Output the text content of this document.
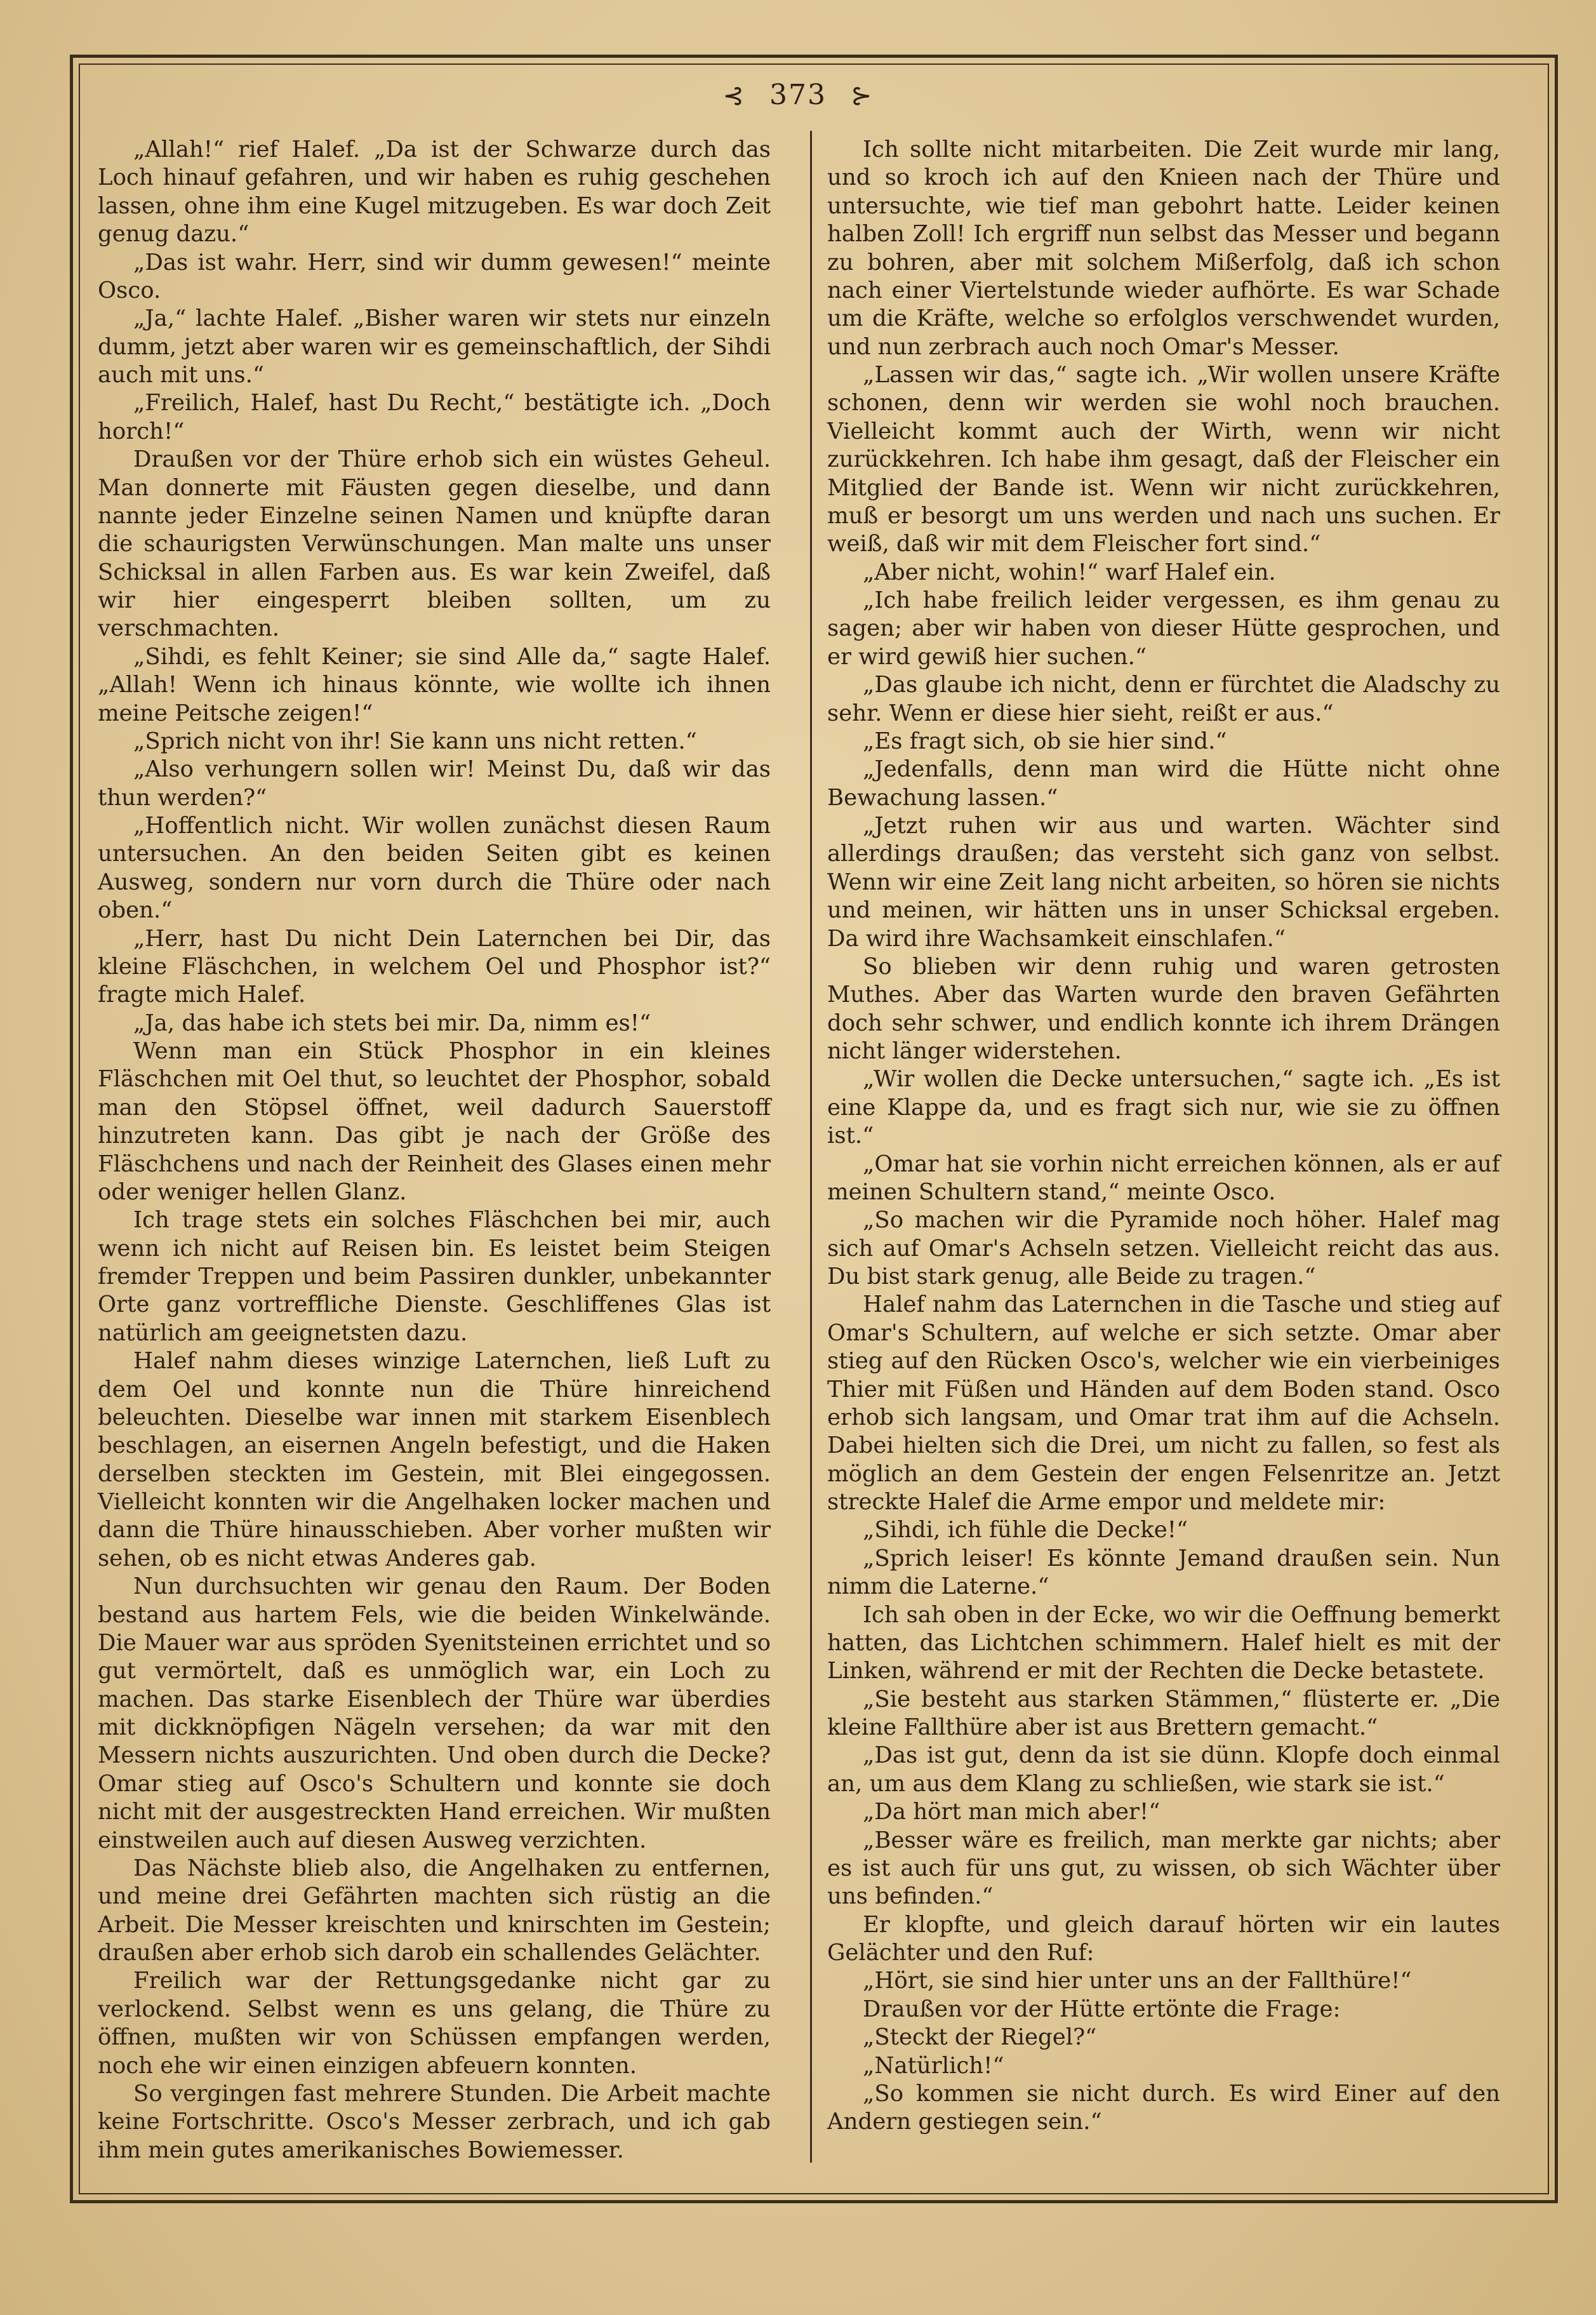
⊰ 373 ⊱

„Allah!“ rief Halef. „Da ist der Schwarze durch das Loch hinauf gefahren, und wir haben es ruhig geschehen lassen, ohne ihm eine Kugel mitzugeben. Es war doch Zeit genug dazu.“

„Das ist wahr. Herr, sind wir dumm gewesen!“ meinte Osco.

„Ja,“ lachte Halef. „Bisher waren wir stets nur einzeln dumm, jetzt aber waren wir es gemeinschaftlich, der Sihdi auch mit uns.“

„Freilich, Halef, hast Du Recht,“ bestätigte ich. „Doch horch!“

Draußen vor der Thüre erhob sich ein wüstes Geheul. Man donnerte mit Fäusten gegen dieselbe, und dann nannte jeder Einzelne seinen Namen und knüpfte daran die schaurigsten Verwünschungen. Man malte uns unser Schicksal in allen Farben aus. Es war kein Zweifel, daß wir hier eingesperrt bleiben sollten, um zu verschmachten.

„Sihdi, es fehlt Keiner; sie sind Alle da,“ sagte Halef. „Allah! Wenn ich hinaus könnte, wie wollte ich ihnen meine Peitsche zeigen!“

„Sprich nicht von ihr! Sie kann uns nicht retten.“

„Also verhungern sollen wir! Meinst Du, daß wir das thun werden?“

„Hoffentlich nicht. Wir wollen zunächst diesen Raum untersuchen. An den beiden Seiten gibt es keinen Ausweg, sondern nur vorn durch die Thüre oder nach oben.“

„Herr, hast Du nicht Dein Laternchen bei Dir, das kleine Fläschchen, in welchem Oel und Phosphor ist?“ fragte mich Halef.

„Ja, das habe ich stets bei mir. Da, nimm es!“

Wenn man ein Stück Phosphor in ein kleines Fläschchen mit Oel thut, so leuchtet der Phosphor, sobald man den Stöpsel öffnet, weil dadurch Sauerstoff hinzutreten kann. Das gibt je nach der Größe des Fläschchens und nach der Reinheit des Glases einen mehr oder weniger hellen Glanz.

Ich trage stets ein solches Fläschchen bei mir, auch wenn ich nicht auf Reisen bin. Es leistet beim Steigen fremder Treppen und beim Passiren dunkler, unbekannter Orte ganz vortreffliche Dienste. Geschliffenes Glas ist natürlich am geeignetsten dazu.

Halef nahm dieses winzige Laternchen, ließ Luft zu dem Oel und konnte nun die Thüre hinreichend beleuchten. Dieselbe war innen mit starkem Eisenblech beschlagen, an eisernen Angeln befestigt, und die Haken derselben steckten im Gestein, mit Blei eingegossen. Vielleicht konnten wir die Angelhaken locker machen und dann die Thüre hinausschieben. Aber vorher mußten wir sehen, ob es nicht etwas Anderes gab.

Nun durchsuchten wir genau den Raum. Der Boden bestand aus hartem Fels, wie die beiden Winkelwände. Die Mauer war aus spröden Syenitsteinen errichtet und so gut vermörtelt, daß es unmöglich war, ein Loch zu machen. Das starke Eisenblech der Thüre war überdies mit dickknöpfigen Nägeln versehen; da war mit den Messern nichts auszurichten. Und oben durch die Decke? Omar stieg auf Osco's Schultern und konnte sie doch nicht mit der ausgestreckten Hand erreichen. Wir mußten einstweilen auch auf diesen Ausweg verzichten.

Das Nächste blieb also, die Angelhaken zu entfernen, und meine drei Gefährten machten sich rüstig an die Arbeit. Die Messer kreischten und knirschten im Gestein; draußen aber erhob sich darob ein schallendes Gelächter.

Freilich war der Rettungsgedanke nicht gar zu verlockend. Selbst wenn es uns gelang, die Thüre zu öffnen, mußten wir von Schüssen empfangen werden, noch ehe wir einen einzigen abfeuern konnten.

So vergingen fast mehrere Stunden. Die Arbeit machte keine Fortschritte. Osco's Messer zerbrach, und ich gab ihm mein gutes amerikanisches Bowiemesser.

Ich sollte nicht mitarbeiten. Die Zeit wurde mir lang, und so kroch ich auf den Knieen nach der Thüre und untersuchte, wie tief man gebohrt hatte. Leider keinen halben Zoll! Ich ergriff nun selbst das Messer und begann zu bohren, aber mit solchem Mißerfolg, daß ich schon nach einer Viertelstunde wieder aufhörte. Es war Schade um die Kräfte, welche so erfolglos verschwendet wurden, und nun zerbrach auch noch Omar's Messer.

„Lassen wir das,“ sagte ich. „Wir wollen unsere Kräfte schonen, denn wir werden sie wohl noch brauchen. Vielleicht kommt auch der Wirth, wenn wir nicht zurückkehren. Ich habe ihm gesagt, daß der Fleischer ein Mitglied der Bande ist. Wenn wir nicht zurückkehren, muß er besorgt um uns werden und nach uns suchen. Er weiß, daß wir mit dem Fleischer fort sind.“

„Aber nicht, wohin!“ warf Halef ein.

„Ich habe freilich leider vergessen, es ihm genau zu sagen; aber wir haben von dieser Hütte gesprochen, und er wird gewiß hier suchen.“

„Das glaube ich nicht, denn er fürchtet die Aladschy zu sehr. Wenn er diese hier sieht, reißt er aus.“

„Es fragt sich, ob sie hier sind.“

„Jedenfalls, denn man wird die Hütte nicht ohne Bewachung lassen.“

„Jetzt ruhen wir aus und warten. Wächter sind allerdings draußen; das versteht sich ganz von selbst. Wenn wir eine Zeit lang nicht arbeiten, so hören sie nichts und meinen, wir hätten uns in unser Schicksal ergeben. Da wird ihre Wachsamkeit einschlafen.“

So blieben wir denn ruhig und waren getrosten Muthes. Aber das Warten wurde den braven Gefährten doch sehr schwer, und endlich konnte ich ihrem Drängen nicht länger widerstehen.

„Wir wollen die Decke untersuchen,“ sagte ich. „Es ist eine Klappe da, und es fragt sich nur, wie sie zu öffnen ist.“

„Omar hat sie vorhin nicht erreichen können, als er auf meinen Schultern stand,“ meinte Osco.

„So machen wir die Pyramide noch höher. Halef mag sich auf Omar's Achseln setzen. Vielleicht reicht das aus. Du bist stark genug, alle Beide zu tragen.“

Halef nahm das Laternchen in die Tasche und stieg auf Omar's Schultern, auf welche er sich setzte. Omar aber stieg auf den Rücken Osco's, welcher wie ein vierbeiniges Thier mit Füßen und Händen auf dem Boden stand. Osco erhob sich langsam, und Omar trat ihm auf die Achseln. Dabei hielten sich die Drei, um nicht zu fallen, so fest als möglich an dem Gestein der engen Felsenritze an. Jetzt streckte Halef die Arme empor und meldete mir:

„Sihdi, ich fühle die Decke!“

„Sprich leiser! Es könnte Jemand draußen sein. Nun nimm die Laterne.“

Ich sah oben in der Ecke, wo wir die Oeffnung bemerkt hatten, das Lichtchen schimmern. Halef hielt es mit der Linken, während er mit der Rechten die Decke betastete.

„Sie besteht aus starken Stämmen,“ flüsterte er. „Die kleine Fallthüre aber ist aus Brettern gemacht.“

„Das ist gut, denn da ist sie dünn. Klopfe doch einmal an, um aus dem Klang zu schließen, wie stark sie ist.“

„Da hört man mich aber!“

„Besser wäre es freilich, man merkte gar nichts; aber es ist auch für uns gut, zu wissen, ob sich Wächter über uns befinden.“

Er klopfte, und gleich darauf hörten wir ein lautes Gelächter und den Ruf:

„Hört, sie sind hier unter uns an der Fallthüre!“

Draußen vor der Hütte ertönte die Frage:

„Steckt der Riegel?“

„Natürlich!“

„So kommen sie nicht durch. Es wird Einer auf den Andern gestiegen sein.“
